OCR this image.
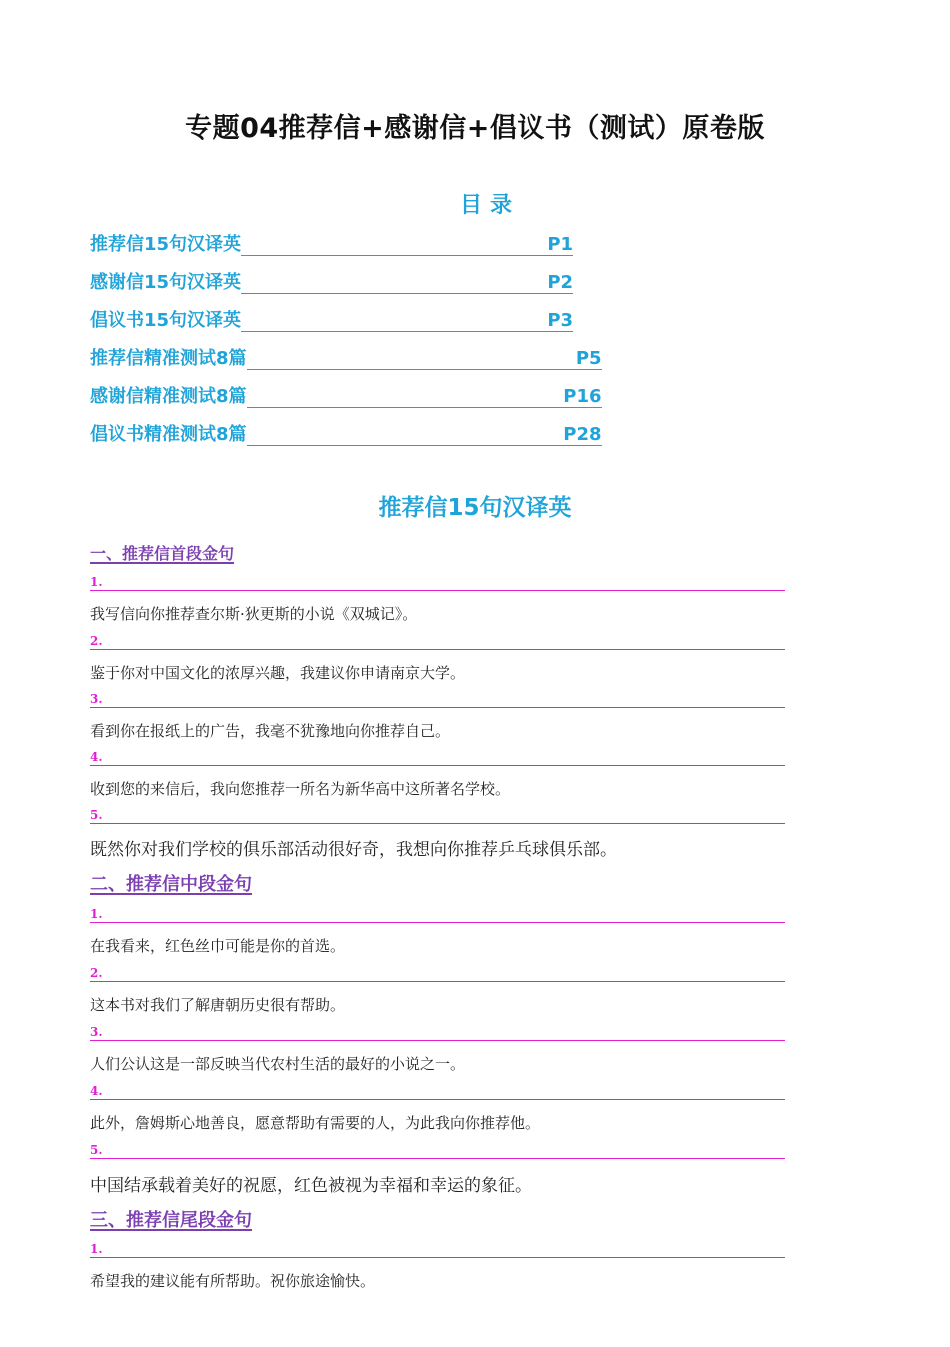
专题04推荐信+感谢信+倡议书（测试）原卷版
目录
推荐信15句汉译英	P1
感谢信15句汉译英	P2
倡议书15句汉译英	P3
推荐信精准测试8篇	P5
感谢信精准测试8篇	P16
倡议书精准测试8篇	P28
推荐信15句汉译英
一、推荐信首段金句
1.
我写信向你推荐查尔斯·狄更斯的小说《双城记》。
2.
鉴于你对中国文化的浓厚兴趣，我建议你申请南京大学。
3.
看到你在报纸上的广告，我毫不犹豫地向你推荐自己。
4.
收到您的来信后，我向您推荐一所名为新华高中这所著名学校。
5.
既然你对我们学校的俱乐部活动很好奇，我想向你推荐乒乓球俱乐部。
二、推荐信中段金句
1.
在我看来，红色丝巾可能是你的首选。
2.
这本书对我们了解唐朝历史很有帮助。
3.
人们公认这是一部反映当代农村生活的最好的小说之一。
4.
此外，詹姆斯心地善良，愿意帮助有需要的人，为此我向你推荐他。
5.
中国结承载着美好的祝愿，红色被视为幸福和幸运的象征。
三、推荐信尾段金句
1.
希望我的建议能有所帮助。祝你旅途愉快。
